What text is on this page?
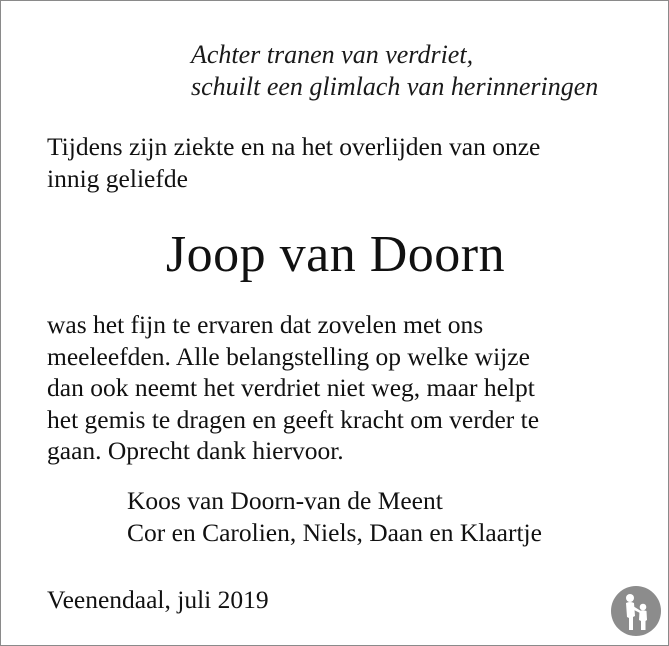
Achter tranen van verdriet,
schuilt een glimlach van herinneringen
Tijdens zijn ziekte en na het overlijden van onze
innig geliefde
Joop van Doorn
was het fijn te ervaren dat zovelen met ons
meeleefden. Alle belangstelling op welke wijze
dan ook neemt het verdriet niet weg, maar helpt
het gemis te dragen en geeft kracht om verder te
gaan. Oprecht dank hiervoor.
Koos van Doorn-van de Meent
Cor en Carolien, Niels, Daan en Klaartje
Veenendaal, juli 2019
